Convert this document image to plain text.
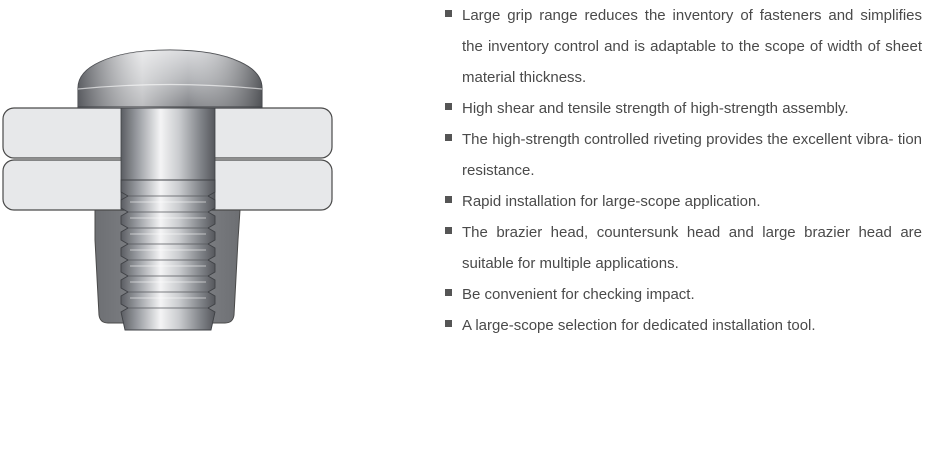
Large grip range reduces the inventory of fasteners and simplifies the inventory control and is adaptable to the scope of width of sheet material thickness.
High shear and tensile strength of high-strength assembly.
The high-strength controlled riveting provides the excellent vibra- tion resistance.
Rapid installation for large-scope application.
The brazier head, countersunk head and large brazier head are suitable for multiple applications.
Be convenient for checking impact.
A large-scope selection for dedicated installation tool.
